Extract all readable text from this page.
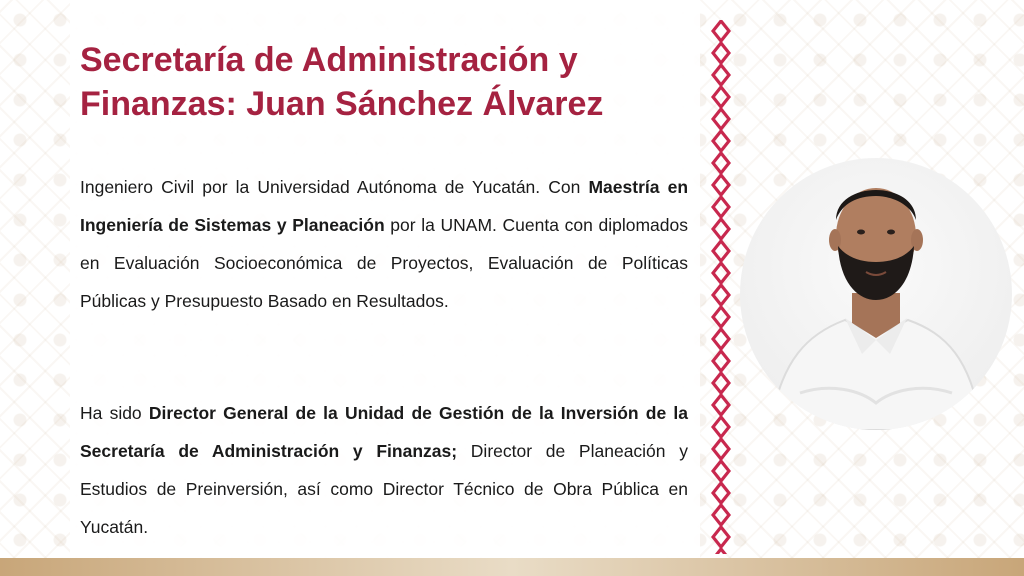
Secretaría de Administración y Finanzas: Juan Sánchez Álvarez

Ingeniero Civil por la Universidad Autónoma de Yucatán. Con Maestría en Ingeniería de Sistemas y Planeación por la UNAM. Cuenta con diplomados en Evaluación Socioeconómica de Proyectos, Evaluación de Políticas Públicas y Presupuesto Basado en Resultados.

Ha sido Director General de la Unidad de Gestión de la Inversión de la Secretaría de Administración y Finanzas; Director de Planeación y Estudios de Preinversión, así como Director Técnico de Obra Pública en Yucatán.
